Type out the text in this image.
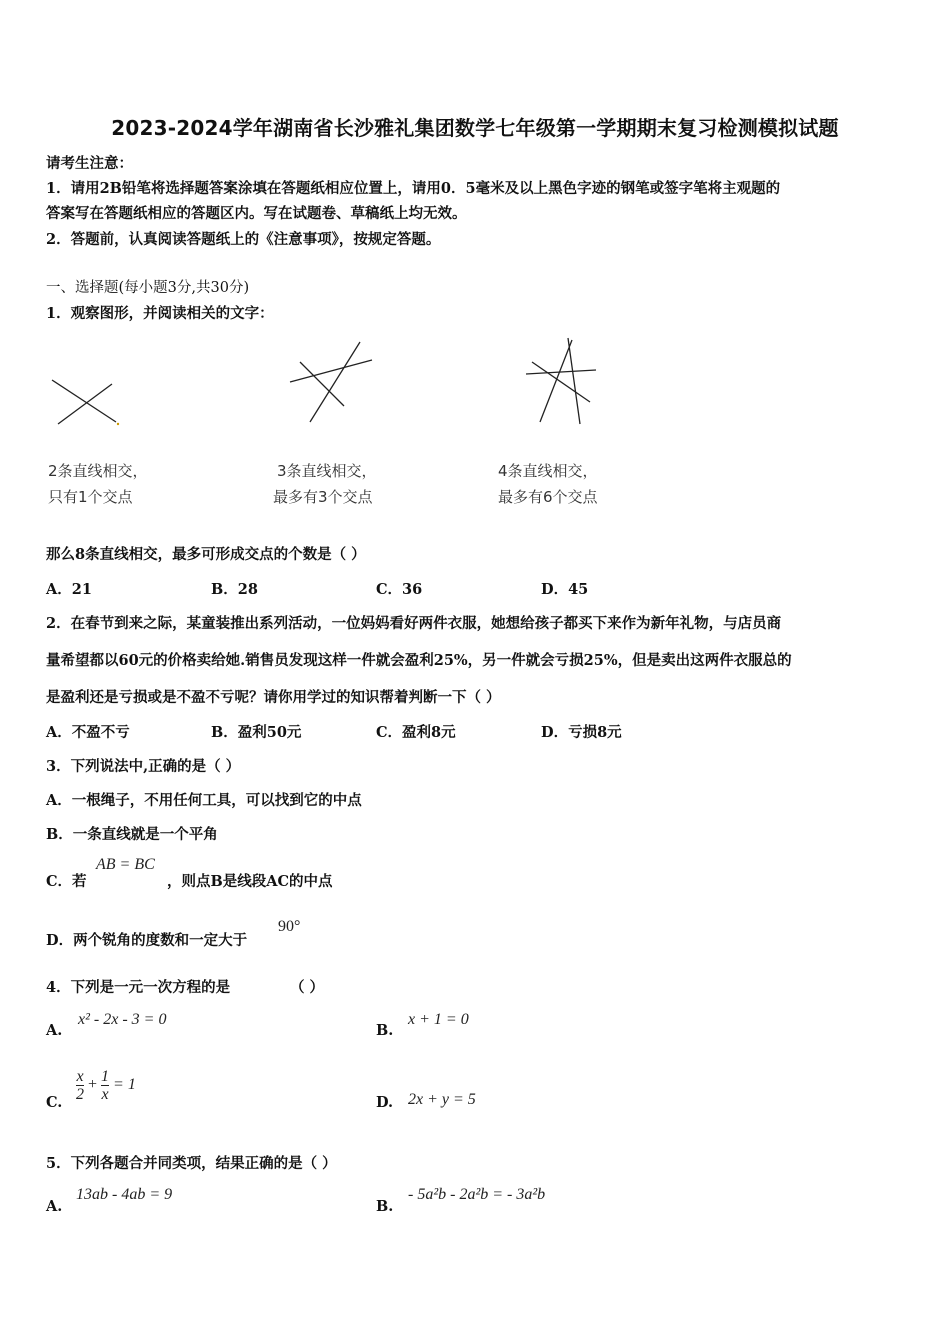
2023-2024学年湖南省长沙雅礼集团数学七年级第一学期期末复习检测模拟试题
请考生注意：
1．请用2B铅笔将选择题答案涂填在答题纸相应位置上，请用0．5毫米及以上黑色字迹的钢笔或签字笔将主观题的
答案写在答题纸相应的答题区内。写在试题卷、草稿纸上均无效。
2．答题前，认真阅读答题纸上的《注意事项》，按规定答题。
一、选择题(每小题3分,共30分)
1．观察图形，并阅读相关的文字：
2条直线相交，
只有1个交点
3条直线相交，
最多有3个交点
4条直线相交，
最多有6个交点
那么8条直线相交，最多可形成交点的个数是（ ）
A．21	B．28	C．36	D．45
2．在春节到来之际，某童装推出系列活动，一位妈妈看好两件衣服，她想给孩子都买下来作为新年礼物，与店员商
量希望都以60元的价格卖给她.销售员发现这样一件就会盈利25%，另一件就会亏损25%，但是卖出这两件衣服总的
是盈利还是亏损或是不盈不亏呢？请你用学过的知识帮着判断一下（ ）
A．不盈不亏	B．盈利50元	C．盈利8元	D．亏损8元
3．下列说法中,正确的是（ ）
A．一根绳子，不用任何工具，可以找到它的中点
B．一条直线就是一个平角
C．若
AB = BC
，则点B是线段AC的中点
D．两个锐角的度数和一定大于
90°
4．下列是一元一次方程的是	（ ）
A.
x² - 2x - 3 = 0
B.
x + 1 = 0
C. $\frac{x}{2} + \frac{1}{x} = 1$
D. 2x + y = 5
5．下列各题合并同类项，结果正确的是（ ）
A.
13ab - 4ab = 9
B.
- 5a²b - 2a²b = - 3a²b
